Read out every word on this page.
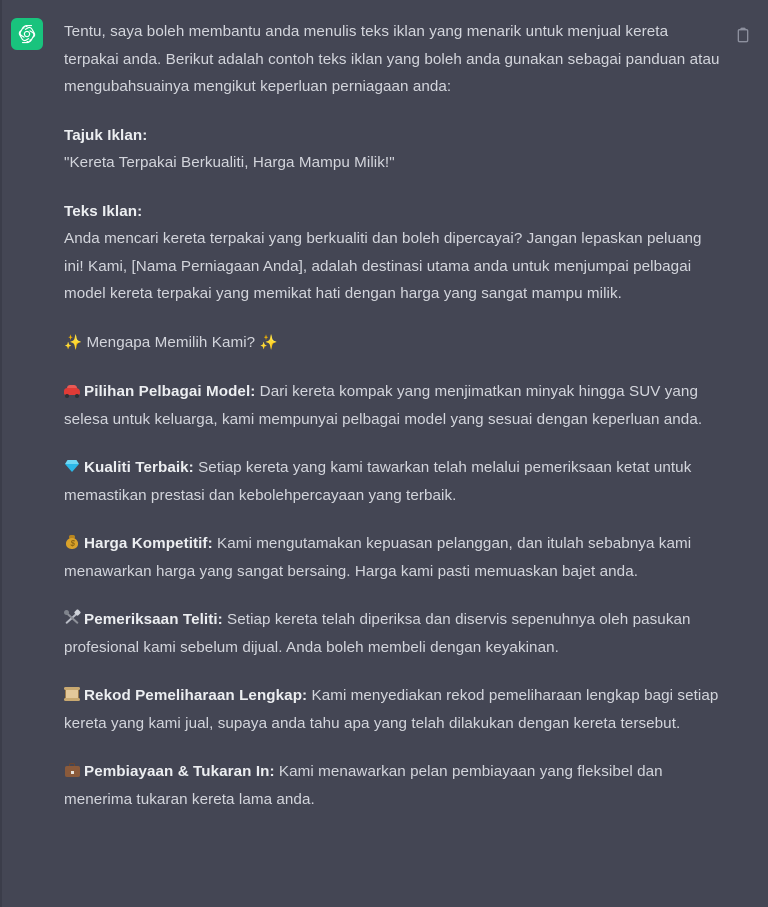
Tentu, saya boleh membantu anda menulis teks iklan yang menarik untuk menjual kereta terpakai anda. Berikut adalah contoh teks iklan yang boleh anda gunakan sebagai panduan atau mengubahsuainya mengikut keperluan perniagaan anda:

Tajuk Iklan:
"Kereta Terpakai Berkualiti, Harga Mampu Milik!"

Teks Iklan:
Anda mencari kereta terpakai yang berkualiti dan boleh dipercayai? Jangan lepaskan peluang ini! Kami, [Nama Perniagaan Anda], adalah destinasi utama anda untuk menjumpai pelbagai model kereta terpakai yang memikat hati dengan harga yang sangat mampu milik.

✨ Mengapa Memilih Kami? ✨

Pilihan Pelbagai Model: Dari kereta kompak yang menjimatkan minyak hingga SUV yang selesa untuk keluarga, kami mempunyai pelbagai model yang sesuai dengan keperluan anda.

Kualiti Terbaik: Setiap kereta yang kami tawarkan telah melalui pemeriksaan ketat untuk memastikan prestasi dan kebolehpercayaan yang terbaik.

$ Harga Kompetitif: Kami mengutamakan kepuasan pelanggan, dan itulah sebabnya kami menawarkan harga yang sangat bersaing. Harga kami pasti memuaskan bajet anda.

Pemeriksaan Teliti: Setiap kereta telah diperiksa dan diservis sepenuhnya oleh pasukan profesional kami sebelum dijual. Anda boleh membeli dengan keyakinan.

Rekod Pemeliharaan Lengkap: Kami menyediakan rekod pemeliharaan lengkap bagi setiap kereta yang kami jual, supaya anda tahu apa yang telah dilakukan dengan kereta tersebut.

Pembiayaan & Tukaran In: Kami menawarkan pelan pembiayaan yang fleksibel dan menerima tukaran kereta lama anda.
